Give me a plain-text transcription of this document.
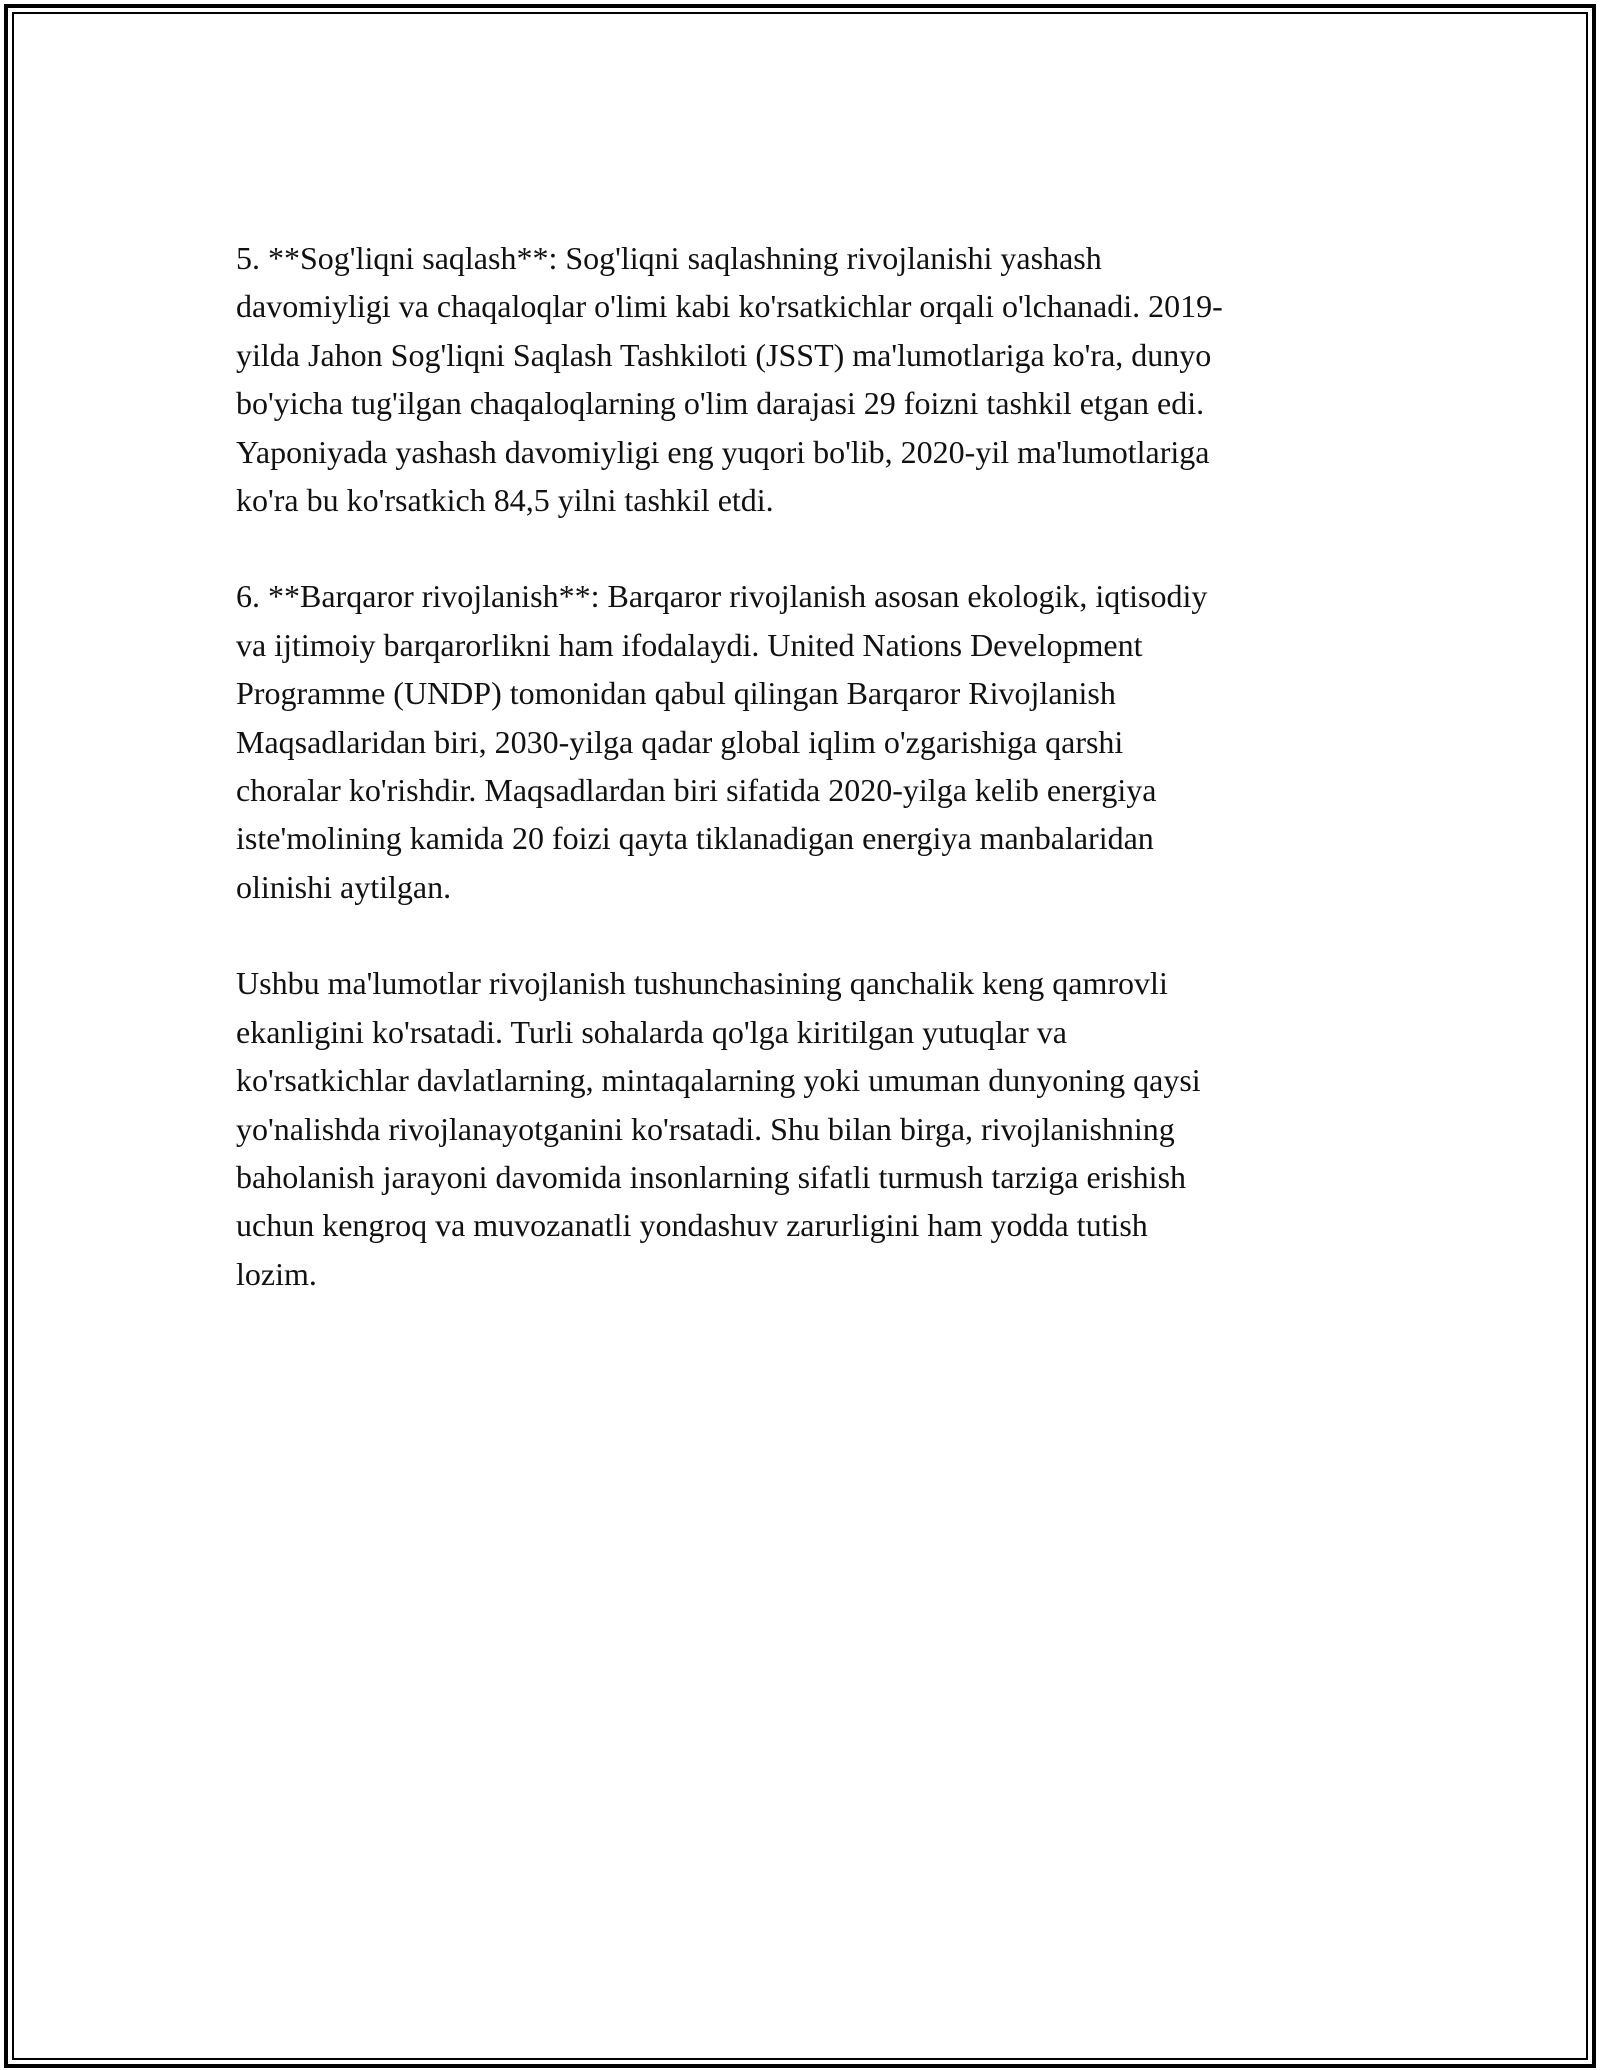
5. **Sog'liqni saqlash**: Sog'liqni saqlashning rivojlanishi yashash
davomiyligi va chaqaloqlar o'limi kabi ko'rsatkichlar orqali o'lchanadi. 2019-
yilda Jahon Sog'liqni Saqlash Tashkiloti (JSST) ma'lumotlariga ko'ra, dunyo
bo'yicha tug'ilgan chaqaloqlarning o'lim darajasi 29 foizni tashkil etgan edi.
Yaponiyada yashash davomiyligi eng yuqori bo'lib, 2020-yil ma'lumotlariga
ko'ra bu ko'rsatkich 84,5 yilni tashkil etdi.

6. **Barqaror rivojlanish**: Barqaror rivojlanish asosan ekologik, iqtisodiy
va ijtimoiy barqarorlikni ham ifodalaydi. United Nations Development
Programme (UNDP) tomonidan qabul qilingan Barqaror Rivojlanish
Maqsadlaridan biri, 2030-yilga qadar global iqlim o'zgarishiga qarshi
choralar ko'rishdir. Maqsadlardan biri sifatida 2020-yilga kelib energiya
iste'molining kamida 20 foizi qayta tiklanadigan energiya manbalaridan
olinishi aytilgan.

Ushbu ma'lumotlar rivojlanish tushunchasining qanchalik keng qamrovli
ekanligini ko'rsatadi. Turli sohalarda qo'lga kiritilgan yutuqlar va
ko'rsatkichlar davlatlarning, mintaqalarning yoki umuman dunyoning qaysi
yo'nalishda rivojlanayotganini ko'rsatadi. Shu bilan birga, rivojlanishning
baholanish jarayoni davomida insonlarning sifatli turmush tarziga erishish
uchun kengroq va muvozanatli yondashuv zarurligini ham yodda tutish
lozim.
